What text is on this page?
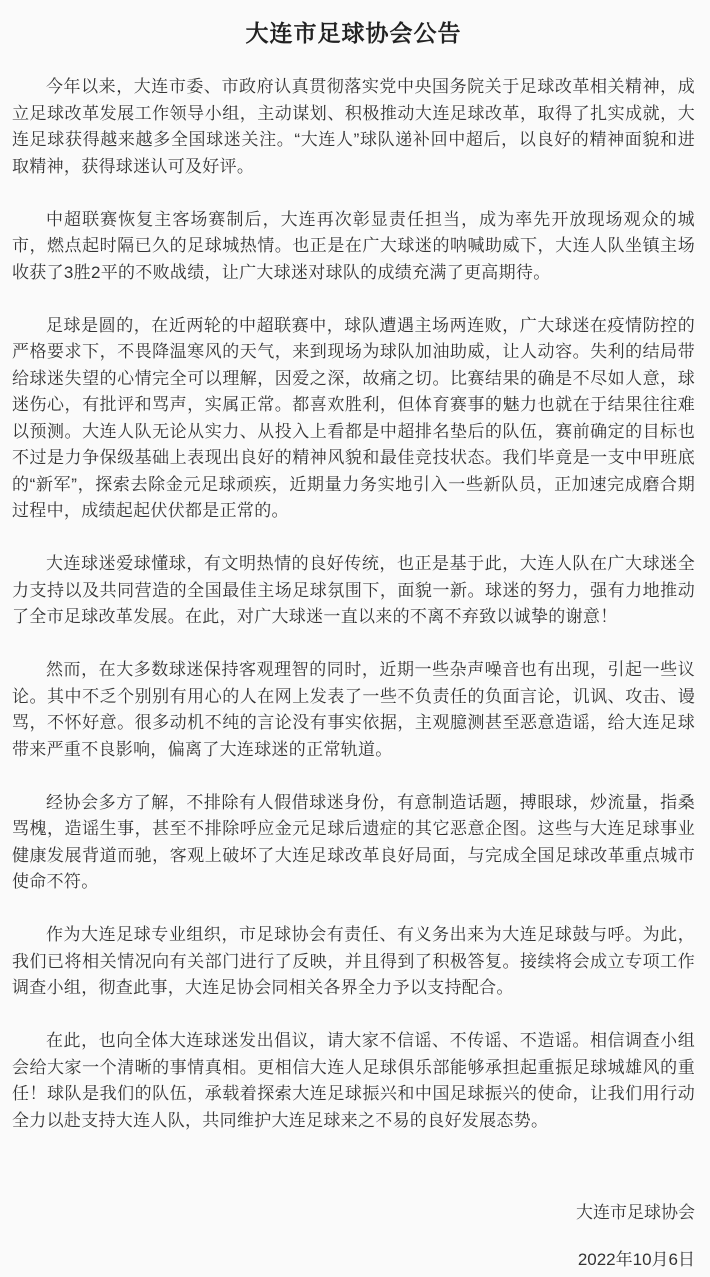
大连市足球协会公告

今年以来，大连市委、市政府认真贯彻落实党中央国务院关于足球改革相关精神，成立足球改革发展工作领导小组，主动谋划、积极推动大连足球改革，取得了扎实成就，大连足球获得越来越多全国球迷关注。“大连人”球队递补回中超后，以良好的精神面貌和进取精神，获得球迷认可及好评。

中超联赛恢复主客场赛制后，大连再次彰显责任担当，成为率先开放现场观众的城市，燃点起时隔已久的足球城热情。也正是在广大球迷的呐喊助威下，大连人队坐镇主场收获了3胜2平的不败战绩，让广大球迷对球队的成绩充满了更高期待。

足球是圆的，在近两轮的中超联赛中，球队遭遇主场两连败，广大球迷在疫情防控的严格要求下，不畏降温寒风的天气，来到现场为球队加油助威，让人动容。失利的结局带给球迷失望的心情完全可以理解，因爱之深，故痛之切。比赛结果的确是不尽如人意，球迷伤心，有批评和骂声，实属正常。都喜欢胜利，但体育赛事的魅力也就在于结果往往难以预测。大连人队无论从实力、从投入上看都是中超排名垫后的队伍，赛前确定的目标也不过是力争保级基础上表现出良好的精神风貌和最佳竞技状态。我们毕竟是一支中甲班底的“新军”，探索去除金元足球顽疾，近期量力务实地引入一些新队员，正加速完成磨合期过程中，成绩起起伏伏都是正常的。

大连球迷爱球懂球，有文明热情的良好传统，也正是基于此，大连人队在广大球迷全力支持以及共同营造的全国最佳主场足球氛围下，面貌一新。球迷的努力，强有力地推动了全市足球改革发展。在此，对广大球迷一直以来的不离不弃致以诚挚的谢意！

然而，在大多数球迷保持客观理智的同时，近期一些杂声噪音也有出现，引起一些议论。其中不乏个别别有用心的人在网上发表了一些不负责任的负面言论，讥讽、攻击、谩骂，不怀好意。很多动机不纯的言论没有事实依据，主观臆测甚至恶意造谣，给大连足球带来严重不良影响，偏离了大连球迷的正常轨道。

经协会多方了解，不排除有人假借球迷身份，有意制造话题，搏眼球，炒流量，指桑骂槐，造谣生事，甚至不排除呼应金元足球后遗症的其它恶意企图。这些与大连足球事业健康发展背道而驰，客观上破坏了大连足球改革良好局面，与完成全国足球改革重点城市使命不符。

作为大连足球专业组织，市足球协会有责任、有义务出来为大连足球鼓与呼。为此，我们已将相关情况向有关部门进行了反映，并且得到了积极答复。接续将会成立专项工作调查小组，彻查此事，大连足协会同相关各界全力予以支持配合。

在此，也向全体大连球迷发出倡议，请大家不信谣、不传谣、不造谣。相信调查小组会给大家一个清晰的事情真相。更相信大连人足球俱乐部能够承担起重振足球城雄风的重任！球队是我们的队伍，承载着探索大连足球振兴和中国足球振兴的使命，让我们用行动全力以赴支持大连人队，共同维护大连足球来之不易的良好发展态势。

大连市足球协会
2022年10月6日
